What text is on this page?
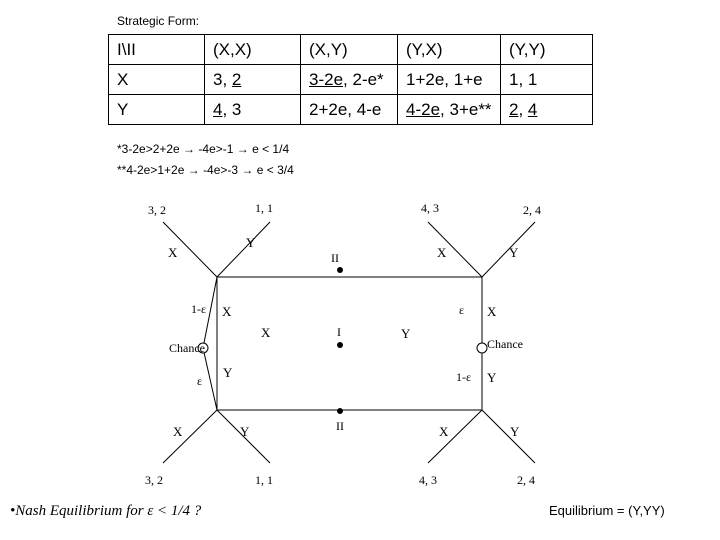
Strategic Form:
I\II	(X,X)	(X,Y)	(Y,X)	(Y,Y)
X	3, 2	3-2e, 2-e*	1+2e, 1+e	1, 1
Y	4, 3	2+2e, 4-e	4-2e, 3+e**	2, 4
*3-2e>2+2e → -4e>-1 → e < 1/4
**4-2e>1+2e → -4e>-3 → e < 3/4
3, 2	1, 1	4, 3	2, 4
3, 2	1, 1	4, 3	2, 4
X
Y
X	Y
II
1-ε X
X	I	Y
ε X
Chance	Chance
ε
Y	1-ε Y
X	Y	II	X	Y
•Nash Equilibrium for ε < 1/4 ?	Equilibrium = (Y,YY)
